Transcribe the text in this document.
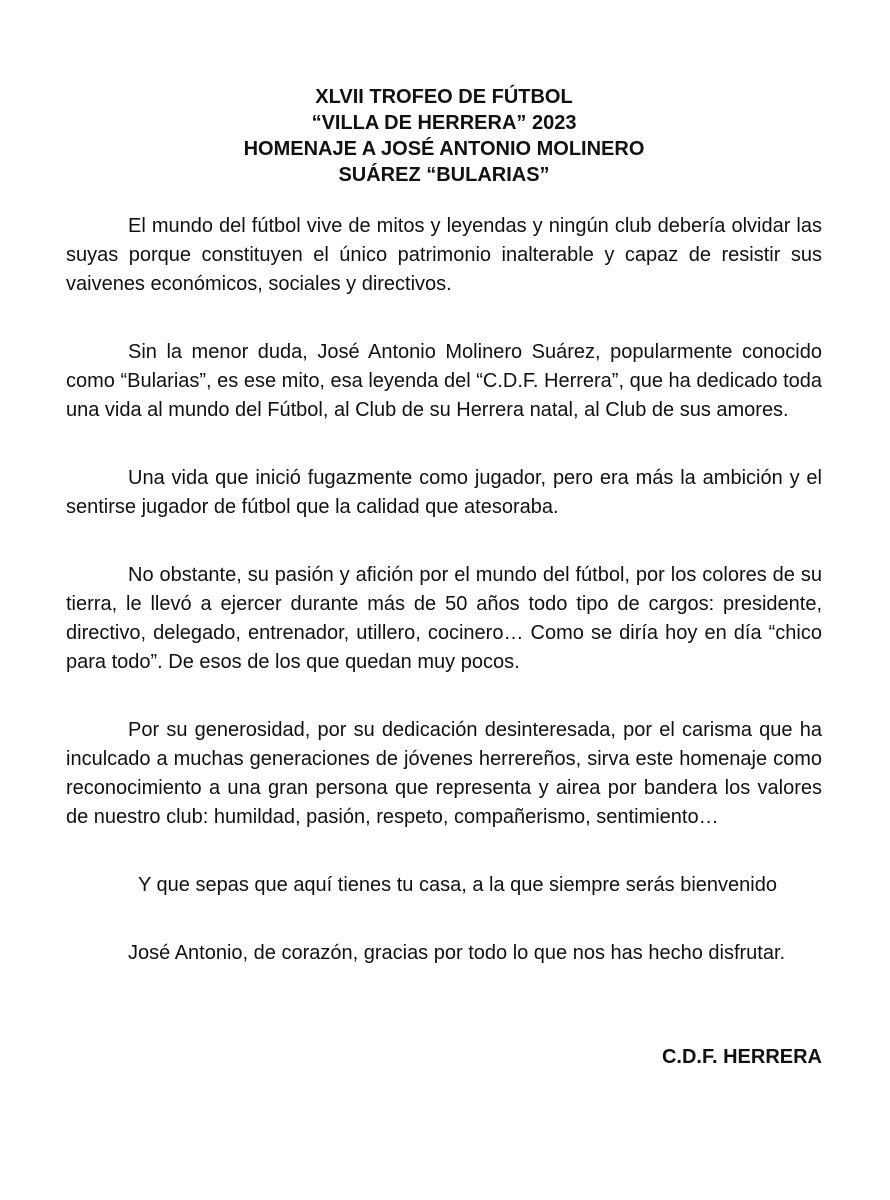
XLVII TROFEO DE FÚTBOL
“VILLA DE HERRERA” 2023
HOMENAJE A JOSÉ ANTONIO MOLINERO
SUÁREZ “BULARIAS”

El mundo del fútbol vive de mitos y leyendas y ningún club debería olvidar las suyas porque constituyen el único patrimonio inalterable y capaz de resistir sus vaivenes económicos, sociales y directivos.

Sin la menor duda, José Antonio Molinero Suárez, popularmente conocido como “Bularias”, es ese mito, esa leyenda del “C.D.F. Herrera”, que ha dedicado toda una vida al mundo del Fútbol, al Club de su Herrera natal, al Club de sus amores.

Una vida que inició fugazmente como jugador, pero era más la ambición y el sentirse jugador de fútbol que la calidad que atesoraba.

No obstante, su pasión y afición por el mundo del fútbol, por los colores de su tierra, le llevó a ejercer durante más de 50 años todo tipo de cargos: presidente, directivo, delegado, entrenador, utillero, cocinero… Como se diría hoy en día “chico para todo”. De esos de los que quedan muy pocos.

Por su generosidad, por su dedicación desinteresada, por el carisma que ha inculcado a muchas generaciones de jóvenes herrereños, sirva este homenaje como reconocimiento a una gran persona que representa y airea por bandera los valores de nuestro club: humildad, pasión, respeto, compañerismo, sentimiento…

Y que sepas que aquí tienes tu casa, a la que siempre serás bienvenido

José Antonio, de corazón, gracias por todo lo que nos has hecho disfrutar.

C.D.F. HERRERA
